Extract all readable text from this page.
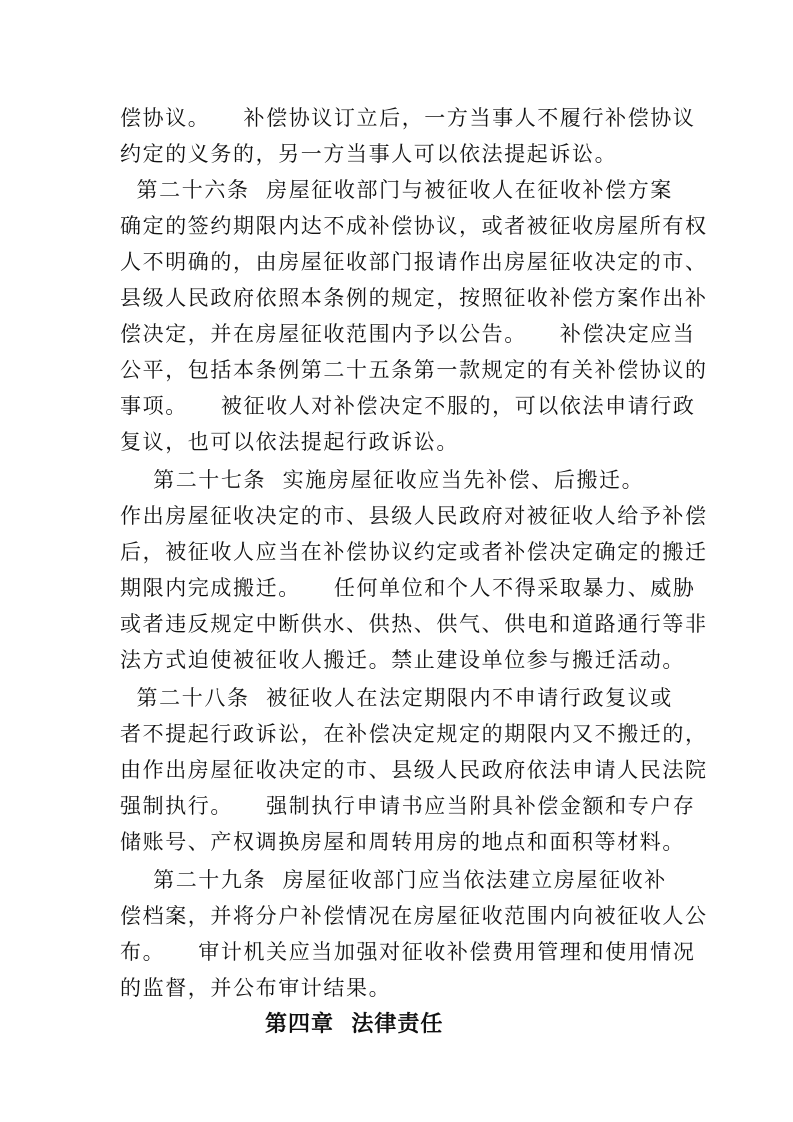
偿协议。    补偿协议订立后，一方当事人不履行补偿协议
约定的义务的，另一方当事人可以依法提起诉讼。
第二十六条  房屋征收部门与被征收人在征收补偿方案
确定的签约期限内达不成补偿协议，或者被征收房屋所有权
人不明确的，由房屋征收部门报请作出房屋征收决定的市、
县级人民政府依照本条例的规定，按照征收补偿方案作出补
偿决定，并在房屋征收范围内予以公告。    补偿决定应当
公平，包括本条例第二十五条第一款规定的有关补偿协议的
事项。    被征收人对补偿决定不服的，可以依法申请行政
复议，也可以依法提起行政诉讼。
第二十七条  实施房屋征收应当先补偿、后搬迁。
作出房屋征收决定的市、县级人民政府对被征收人给予补偿
后，被征收人应当在补偿协议约定或者补偿决定确定的搬迁
期限内完成搬迁。    任何单位和个人不得采取暴力、威胁
或者违反规定中断供水、供热、供气、供电和道路通行等非
法方式迫使被征收人搬迁。禁止建设单位参与搬迁活动。
第二十八条  被征收人在法定期限内不申请行政复议或
者不提起行政诉讼，在补偿决定规定的期限内又不搬迁的，
由作出房屋征收决定的市、县级人民政府依法申请人民法院
强制执行。    强制执行申请书应当附具补偿金额和专户存
储账号、产权调换房屋和周转用房的地点和面积等材料。
第二十九条  房屋征收部门应当依法建立房屋征收补
偿档案，并将分户补偿情况在房屋征收范围内向被征收人公
布。    审计机关应当加强对征收补偿费用管理和使用情况
的监督，并公布审计结果。
第四章  法律责任
